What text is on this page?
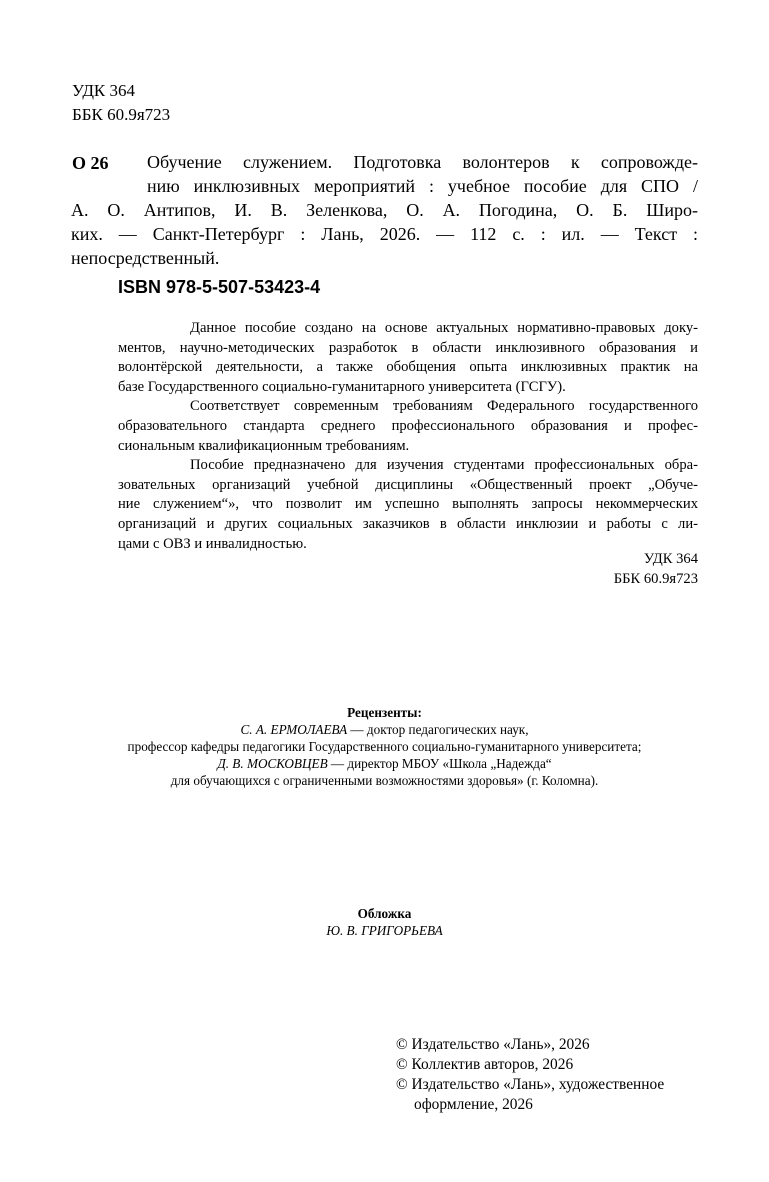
УДК 364
ББК 60.9я723
О 26 Обучение служением. Подготовка волонтеров к сопровожде-
нию инклюзивных мероприятий : учебное пособие для СПО /
А. О. Антипов, И. В. Зеленкова, О. А. Погодина, О. Б. Широ-
ких. — Санкт-Петербург : Лань, 2026. — 112 с. : ил. — Текст :
непосредственный.
ISBN 978-5-507-53423-4

Данное пособие создано на основе актуальных нормативно-правовых доку-
ментов, научно-методических разработок в области инклюзивного образования и
волонтёрской деятельности, а также обобщения опыта инклюзивных практик на
базе Государственного социально-гуманитарного университета (ГСГУ).

Соответствует современным требованиям Федерального государственного
образовательного стандарта среднего профессионального образования и профес-
сиональным квалификационным требованиям.

Пособие предназначено для изучения студентами профессиональных обра-
зовательных организаций учебной дисциплины «Общественный проект „Обуче-
ние служением“», что позволит им успешно выполнять запросы некоммерческих
организаций и других социальных заказчиков в области инклюзии и работы с ли-
цами с ОВЗ и инвалидностью.

УДК 364
ББК 60.9я723
Рецензенты:
С. А. ЕРМОЛАЕВА — доктор педагогических наук,
профессор кафедры педагогики Государственного социально-гуманитарного университета;
Д. В. МОСКОВЦЕВ — директор МБОУ «Школа „Надежда“
для обучающихся с ограниченными возможностями здоровья» (г. Коломна).
Обложка
Ю. В. ГРИГОРЬЕВА
© Издательство «Лань», 2026
© Коллектив авторов, 2026
© Издательство «Лань», художественное
оформление, 2026
